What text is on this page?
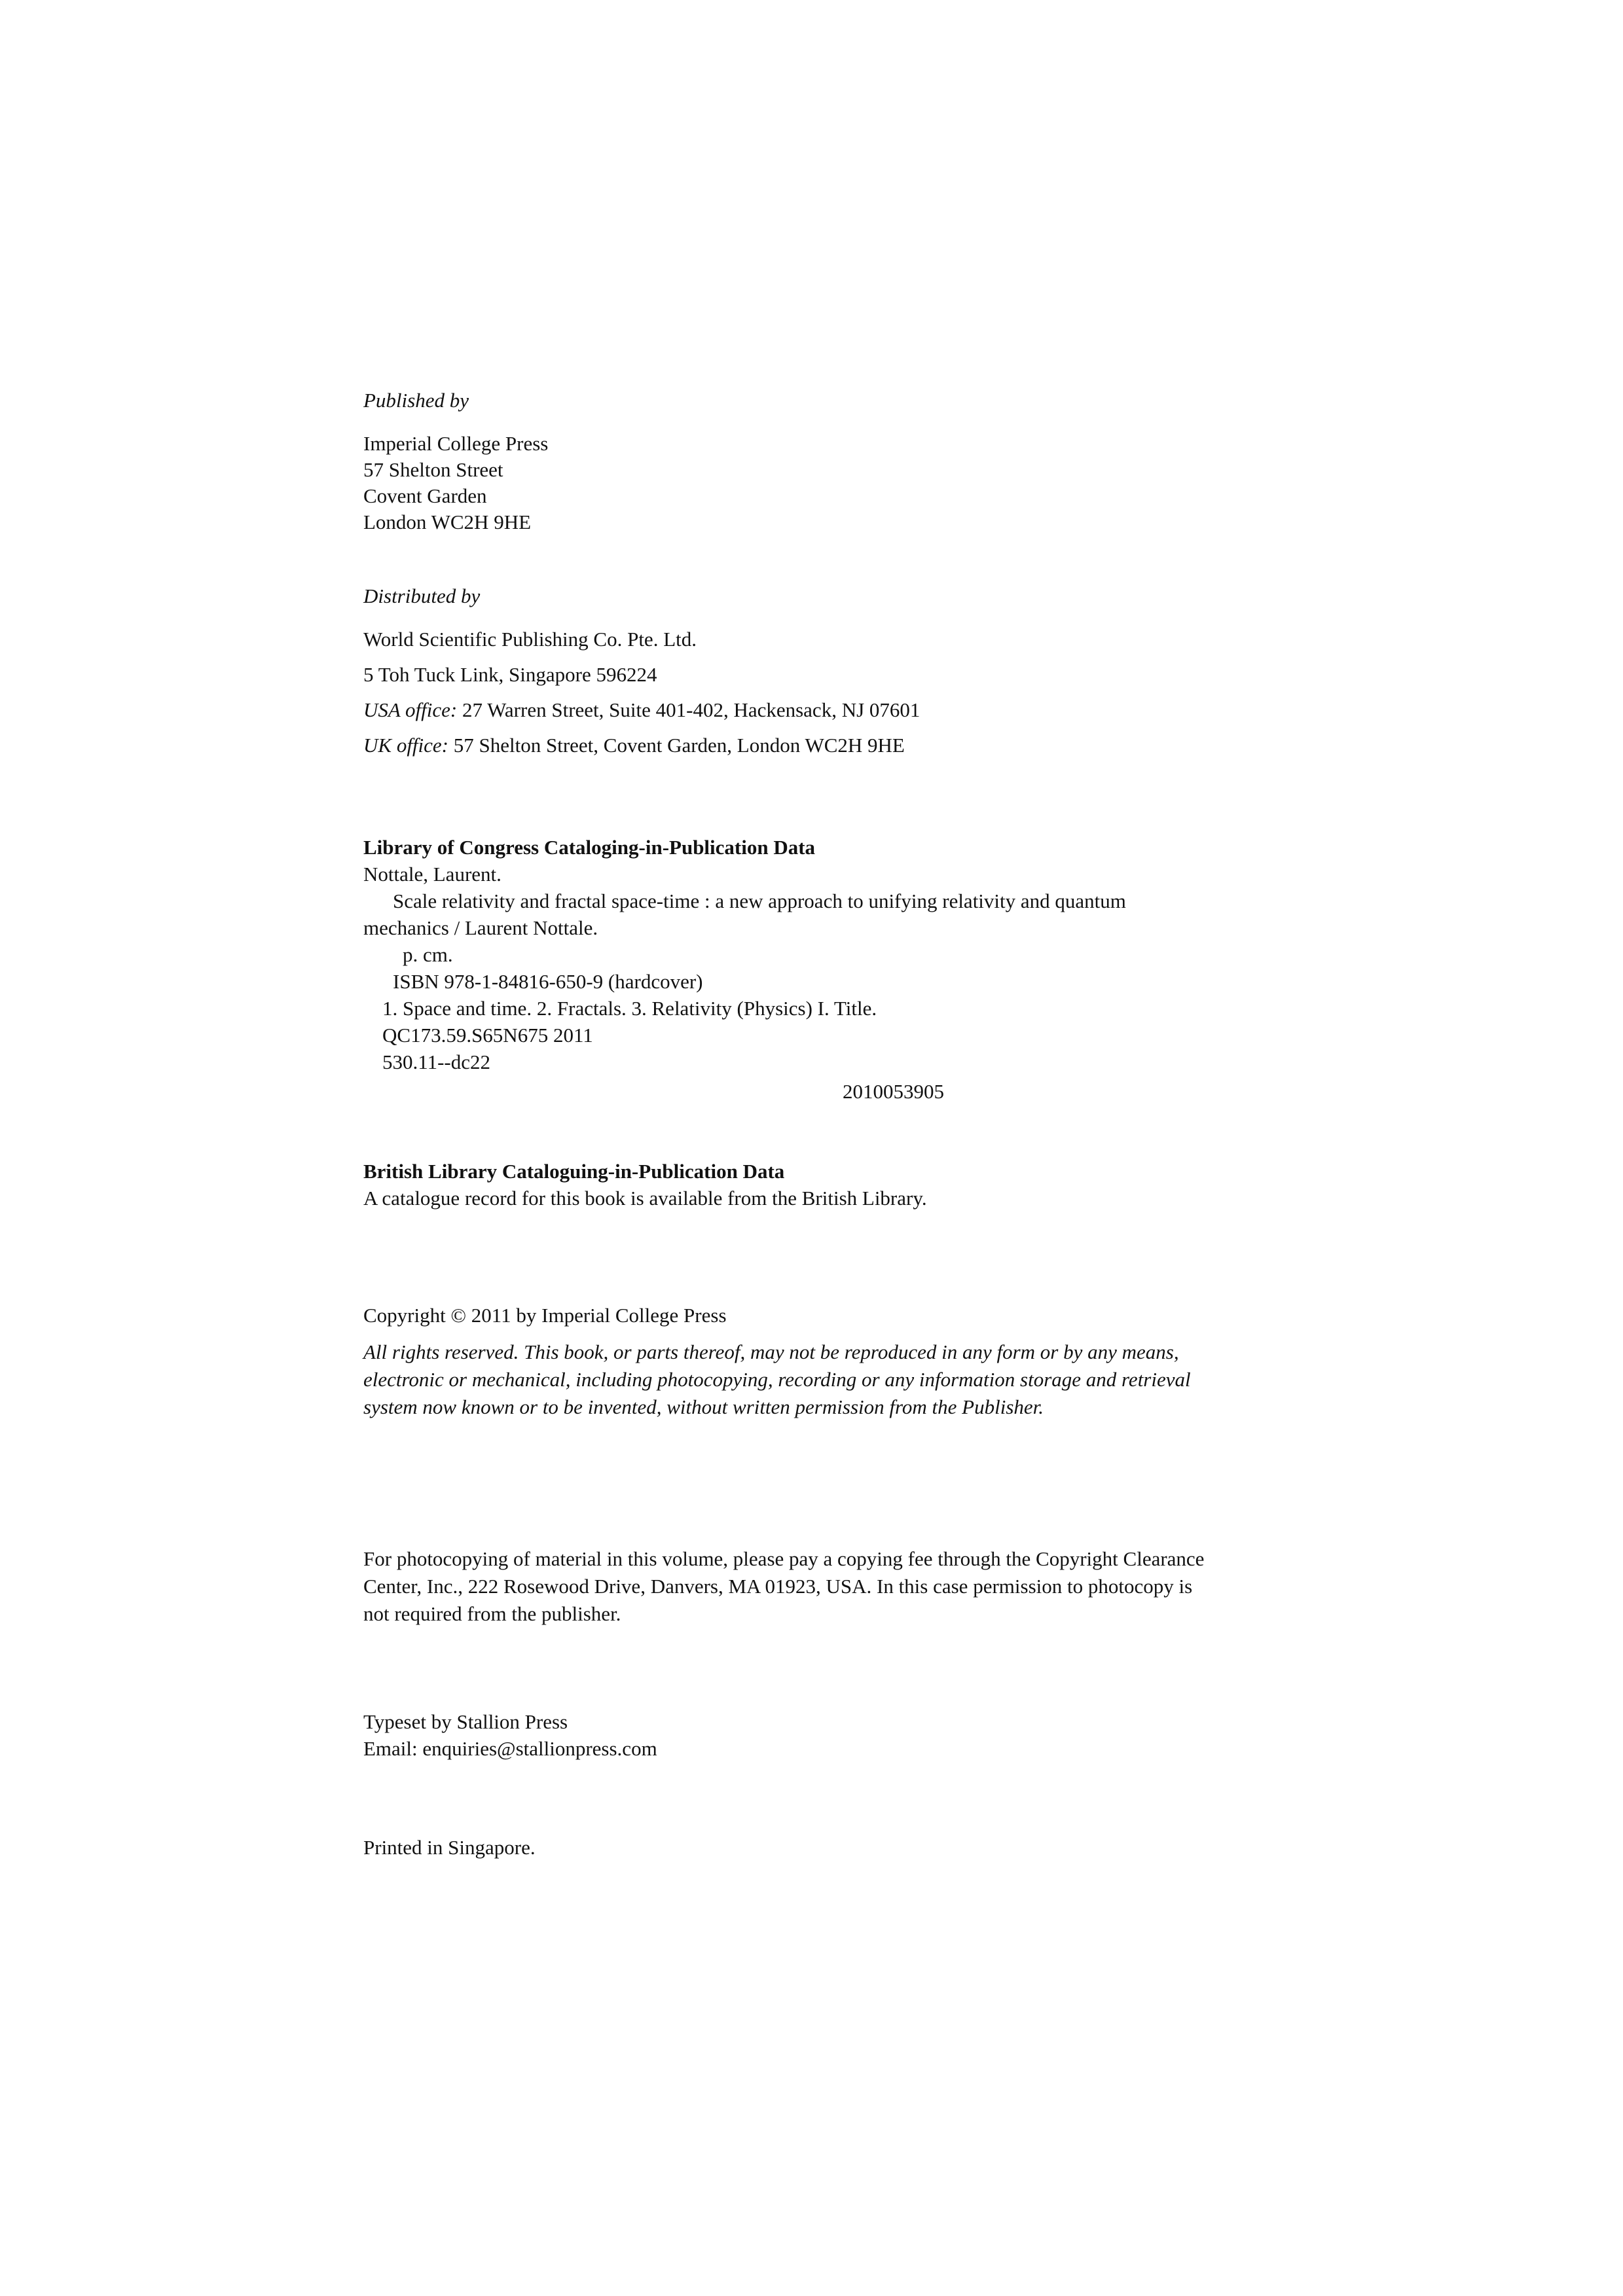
Published by
Imperial College Press
57 Shelton Street
Covent Garden
London WC2H 9HE
Distributed by
World Scientific Publishing Co. Pte. Ltd.
5 Toh Tuck Link, Singapore 596224
USA office: 27 Warren Street, Suite 401-402, Hackensack, NJ 07601
UK office: 57 Shelton Street, Covent Garden, London WC2H 9HE
Library of Congress Cataloging-in-Publication Data
Nottale, Laurent.
Scale relativity and fractal space-time : a new approach to unifying relativity and quantum
mechanics / Laurent Nottale.
p. cm.
ISBN 978-1-84816-650-9 (hardcover)
1. Space and time. 2. Fractals. 3. Relativity (Physics) I. Title.
QC173.59.S65N675 2011
530.11--dc22
2010053905
British Library Cataloguing-in-Publication Data
A catalogue record for this book is available from the British Library.
Copyright © 2011 by Imperial College Press
All rights reserved. This book, or parts thereof, may not be reproduced in any form or by any means,
electronic or mechanical, including photocopying, recording or any information storage and retrieval
system now known or to be invented, without written permission from the Publisher.
For photocopying of material in this volume, please pay a copying fee through the Copyright Clearance
Center, Inc., 222 Rosewood Drive, Danvers, MA 01923, USA. In this case permission to photocopy is
not required from the publisher.
Typeset by Stallion Press
Email: enquiries@stallionpress.com
Printed in Singapore.
